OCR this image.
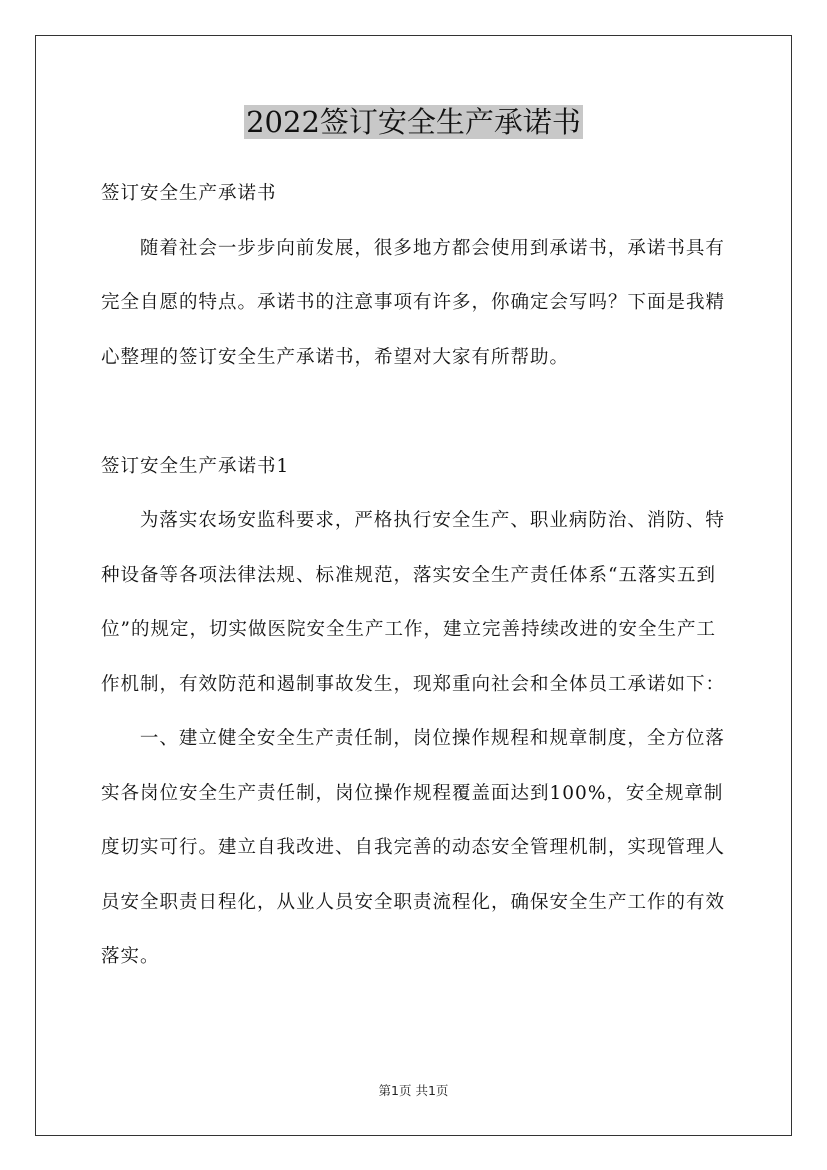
2022签订安全生产承诺书

签订安全生产承诺书

随着社会一步步向前发展，很多地方都会使用到承诺书，承诺书具有完全自愿的特点。承诺书的注意事项有许多，你确定会写吗？下面是我精心整理的签订安全生产承诺书，希望对大家有所帮助。

签订安全生产承诺书1

为落实农场安监科要求，严格执行安全生产、职业病防治、消防、特种设备等各项法律法规、标准规范，落实安全生产责任体系“五落实五到位”的规定，切实做医院安全生产工作，建立完善持续改进的安全生产工作机制，有效防范和遏制事故发生，现郑重向社会和全体员工承诺如下：

一、建立健全安全生产责任制，岗位操作规程和规章制度，全方位落实各岗位安全生产责任制，岗位操作规程覆盖面达到100%，安全规章制度切实可行。建立自我改进、自我完善的动态安全管理机制，实现管理人员安全职责日程化，从业人员安全职责流程化，确保安全生产工作的有效落实。

第1页 共1页
